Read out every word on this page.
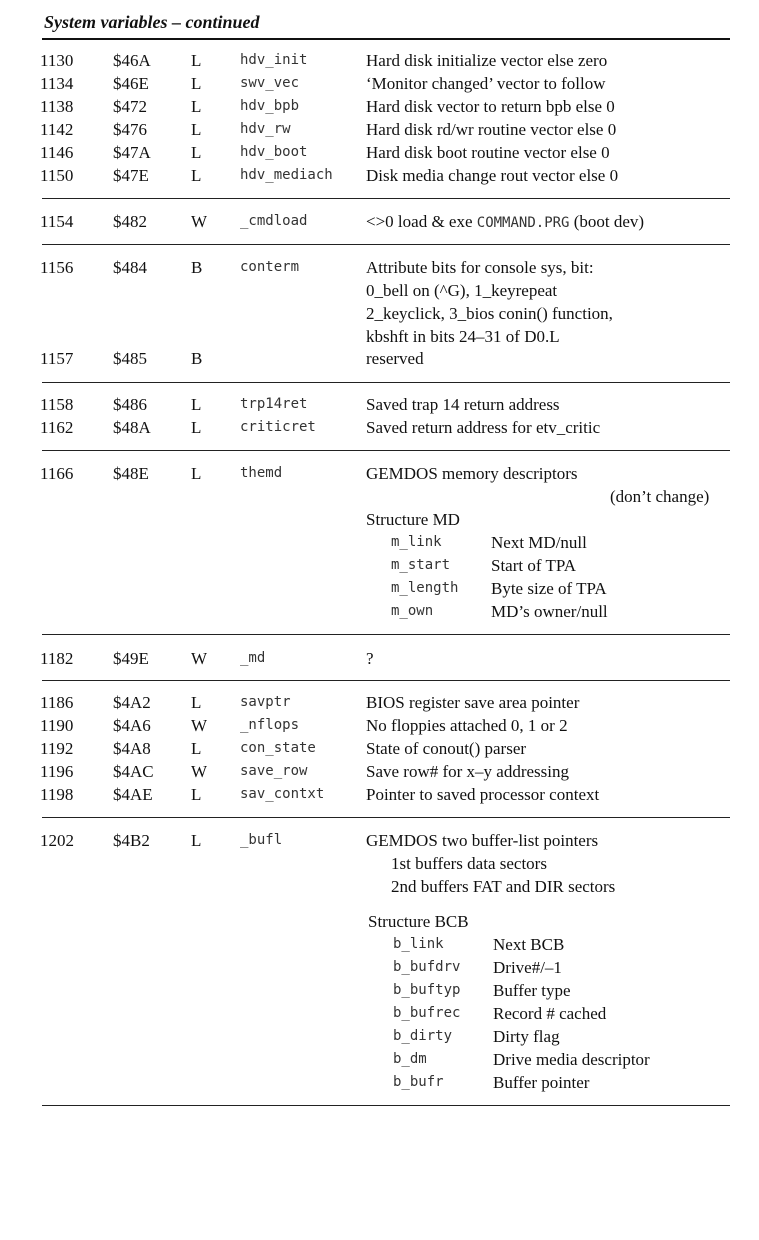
System variables – continued
1130 $46A L	hdv_init	Hard disk initialize vector else zero
1134 $46E L	swv_vec	‘Monitor changed’ vector to follow
1138 $472	L	hdv_bpb	Hard disk vector to return bpb else 0
1142 $476	L	hdv_rw	Hard disk rd/wr routine vector else 0
1146 $47A L	hdv_boot	Hard disk boot routine vector else 0
1150 $47E L	hdv_mediach Disk media change rout vector else 0
1154 $482	W _cmdload	<>0 load & exe COMMAND.PRG (boot dev)
1156 $484	B	conterm	Attribute bits for console sys, bit:
0_bell on (^G), 1_keyrepeat
2_keyclick, 3_bios conin() function,
kbshft in bits 24–31 of D0.L
1157 $485	B	reserved
1158 $486	L	trp14ret	Saved trap 14 return address
1162 $48A L	criticret	Saved return address for etv_critic
1166 $48E L	themd	GEMDOS memory descriptors
(don’t change)
Structure MD
m_link	Next MD/null
m_start Start of TPA
m_length Byte size of TPA
m_own	MD’s owner/null
1182 $49E W _md	?
1186 $4A2 L	savptr	BIOS register save area pointer
1190 $4A6 W _nflops	No floppies attached 0, 1 or 2
1192 $4A8 L	con_state	State of conout() parser
1196 $4AC W save_row	Save row# for x–y addressing
1198 $4AE L	sav_contxt Pointer to saved processor context
1202 $4B2 L	_bufl	GEMDOS two buffer-list pointers
1st buffers data sectors
2nd buffers FAT and DIR sectors
Structure BCB
b_link	Next BCB
b_bufdrv Drive#/–1
b_buftyp Buffer type
b_bufrec Record # cached
b_dirty Dirty flag
b_dm	Drive media descriptor
b_bufr	Buffer pointer
